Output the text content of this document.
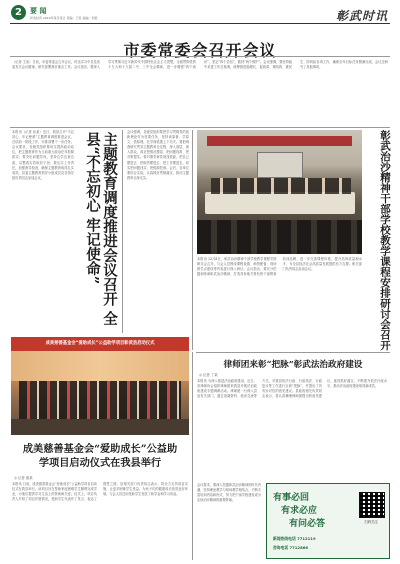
2	要 闻
彰武时讯 2019年某月某日 责编：王某 美编：刘某	彰武时讯
市委常委会召开会议
（记者 王某）日前，市委常委会召开会议，传达学习中央及省委有关会议精神，研究部署我市重点工作。会议指出，要深入学习贯彻习近平新时代中国特色社会主义思想，全面贯彻党的十九大和十九届二中、三中全会精神，进一步增强“四个意识”，坚定“四个自信”，做到“两个维护”。会议强调，要坚持稳中求进工作总基调，统筹推进稳增长、促改革、调结构、惠民生、防风险各项工作，确保全年目标任务圆满完成。会议还研究了其他事项。
本报讯（记者 孙某）近日，我县召开“不忘初心、牢记使命”主题教育调度推进会议，总结前一阶段工作，安排部署下一步任务。会议要求，各级党组织要切实提高政治站位，把主题教育作为当前重大政治任务抓紧抓实；要突出问题导向，坚持边学边查边改，以整改实效取信于民；要压实工作责任，加强督导检查，确保主题教育取得扎实成效。县委主题教育领导小组成员及各指导组负责同志参加会议。	主题教育调度推进会议召开 全县“不忘初心 牢记使命”	会议强调，各级党组织要把学习贯彻党的创新理论作为首要任务，坚持读原著、学原文、悟原理，在学深悟透上下功夫。要把调查研究贯穿主题教育全过程，深入基层、深入群众，真正把情况摸清、把问题找准、把对策提实。要对照党章党规找差距，把自己摆进去、把职责摆进去、把工作摆进去，切实把问题找实、把根源挖深。会后，各单位要结合实际，认真抓好贯彻落实，推动主题教育走深走实。	彰武治沙精神干部学校教学课程安排研讨会召开
本报讯 12月8日，彰武治沙精神干部学校教学课程安排研讨会召开。与会人员围绕课程设置、师资配备、现场教学点建设等内容进行深入研讨。会议指出，要充分挖掘和传承彰武治沙精神，打造具有地方特色的干部教育培训品牌，进一步完善课程体系，提升培训质量和水平，为全县经济社会高质量发展提供有力支撑。相关部门负责同志参加会议。
成美慈善基金会“爱助成长”公益助学项目彰武县启动仪式
成美慈善基金会“爱助成长”公益助学项目启动仪式在我县举行
◎ 记者 唐某
本报讯 日前，成美慈善基金会“爱助成长”公益助学项目启动仪式在我县举行。该项目旨在帮助家庭困难学生顺利完成学业，为他们提供学习生活上的资助和关爱。仪式上，项目负责人介绍了项目开展情况，受助学生代表作了发言，表达了感恩之情。县相关部门负责同志表示，将全力支持项目实施，让更多困难学生受益，为孩子们的健康成长营造良好环境。与会人员还向受助学生发放了助学金和学习用品。
律师团来彰“把脉”彰武法治政府建设
◎ 记者 丁某
本报讯 为深入推进法治政府建设，近日，省律师协会组织律师团来我县开展法治政府建设专题调研活动。律师团一行深入县直有关部门，通过查阅资料、座谈交流等方式，对我县依法行政、行政执法、行政复议等工作进行全面“把脉”，并提出了具有针对性的意见建议。县政府相关负责同志表示，将认真梳理律师团提出的意见建议，逐项抓好落实，不断提升依法行政水平，推动法治政府建设取得新成效。
会议要求，要深入挖掘彰武治沙精神的时代内涵，坚持理论教学与现场教学相结合，不断丰富培训内容和形式，努力把干部学校建设成为弘扬治沙精神的重要阵地。	有事必回
有求必应
有问必答	扫码关注
新闻热线电话 7712119
咨询电话 7712866
